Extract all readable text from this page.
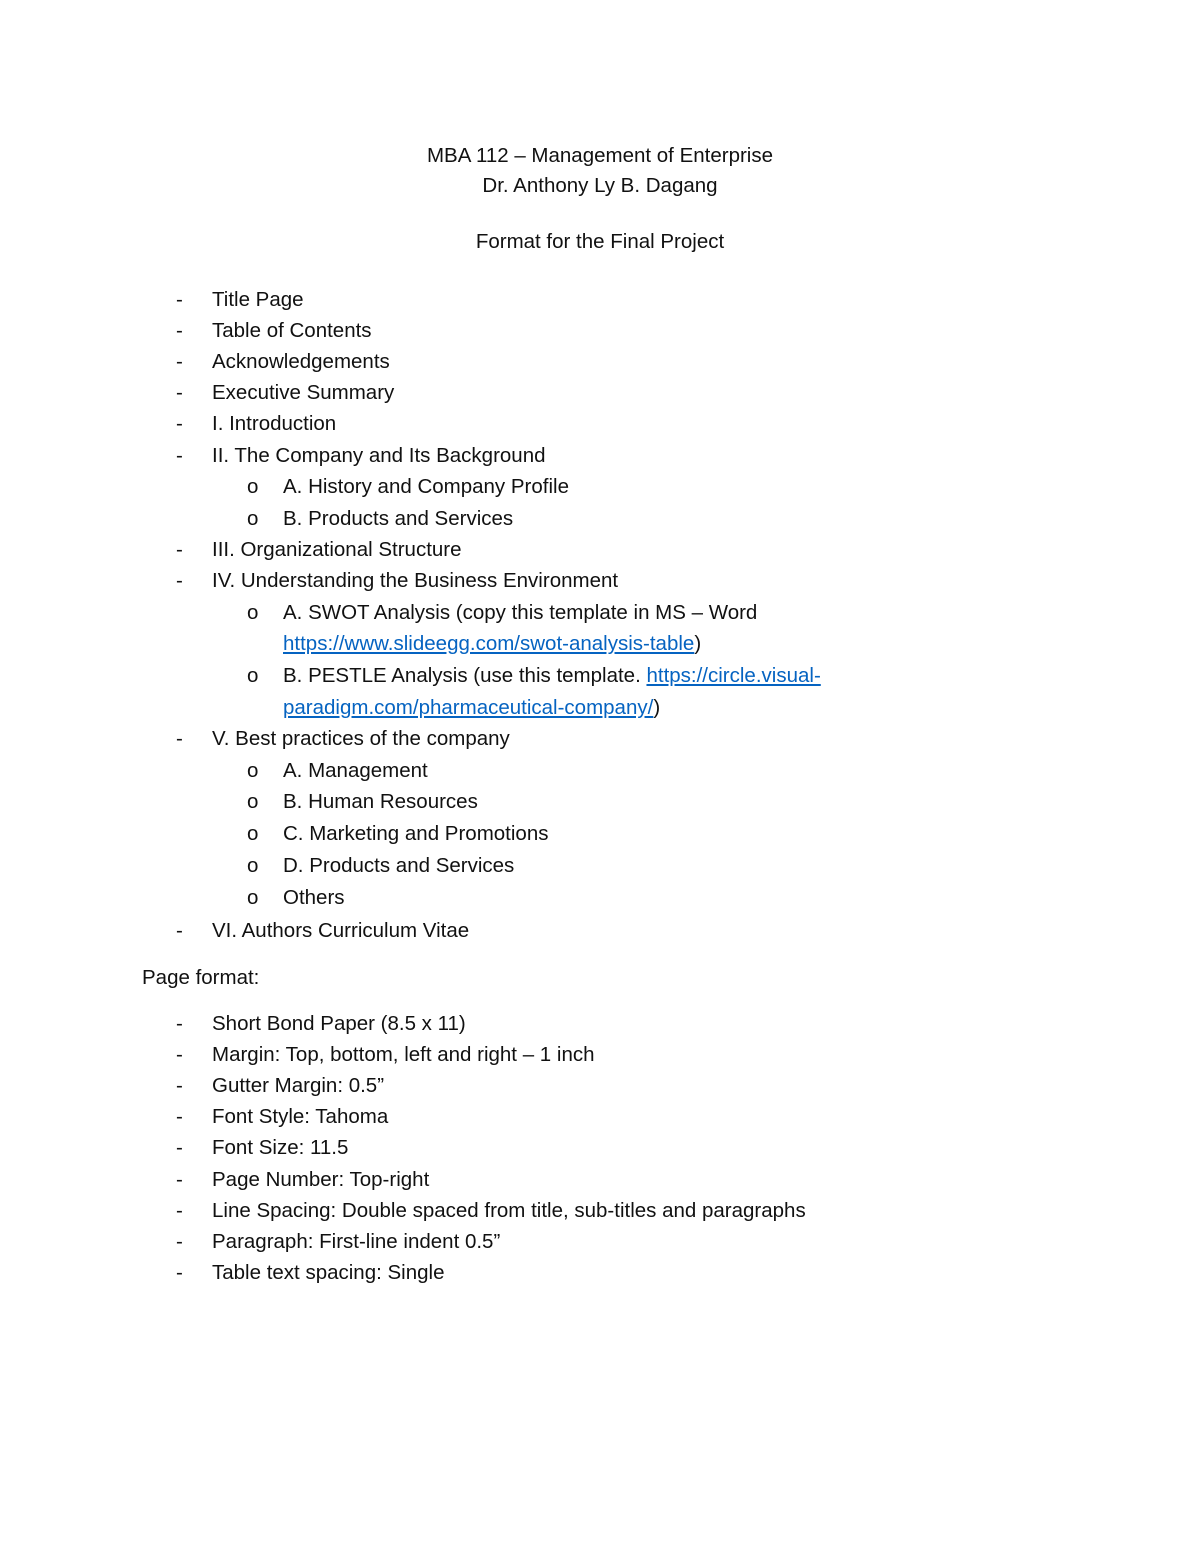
MBA 112 – Management of Enterprise
Dr. Anthony Ly B. Dagang
Format for the Final Project
- Title Page
- Table of Contents
- Acknowledgements
- Executive Summary
- I. Introduction
- II. The Company and Its Background
o A. History and Company Profile
o B. Products and Services
- III. Organizational Structure
- IV. Understanding the Business Environment
o A. SWOT Analysis (copy this template in MS – Word
https://www.slideegg.com/swot-analysis-table)
o B. PESTLE Analysis (use this template. https://circle.visual-
paradigm.com/pharmaceutical-company/)
- V. Best practices of the company
o A. Management
o B. Human Resources
o C. Marketing and Promotions
o D. Products and Services
o Others
- VI. Authors Curriculum Vitae
Page format:
- Short Bond Paper (8.5 x 11)
- Margin: Top, bottom, left and right – 1 inch
- Gutter Margin: 0.5”
- Font Style: Tahoma
- Font Size: 11.5
- Page Number: Top-right
- Line Spacing: Double spaced from title, sub-titles and paragraphs
- Paragraph: First-line indent 0.5”
- Table text spacing: Single
